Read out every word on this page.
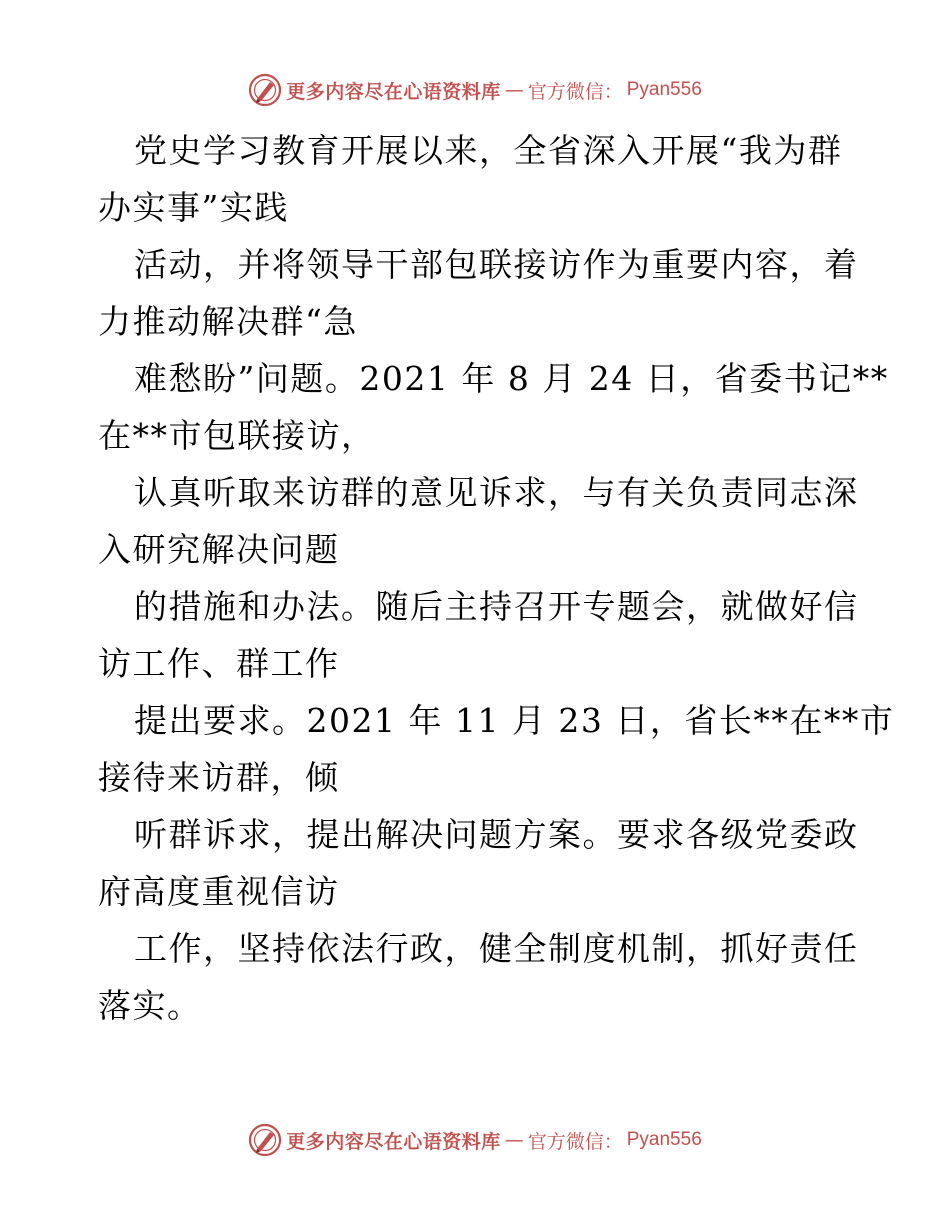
更多内容尽在心语资料库 — 官方微信： Pyan556

党史学习教育开展以来，全省深入开展“我为群
办实事”实践

活动，并将领导干部包联接访作为重要内容，着
力推动解决群“急

难愁盼”问题。2021 年 8 月 24 日，省委书记**
在**市包联接访，

认真听取来访群的意见诉求，与有关负责同志深
入研究解决问题

的措施和办法。随后主持召开专题会，就做好信
访工作、群工作

提出要求。2021 年 11 月 23 日，省长**在**市
接待来访群，倾

听群诉求，提出解决问题方案。要求各级党委政
府高度重视信访

工作，坚持依法行政，健全制度机制，抓好责任
落实。

更多内容尽在心语资料库 — 官方微信： Pyan556
